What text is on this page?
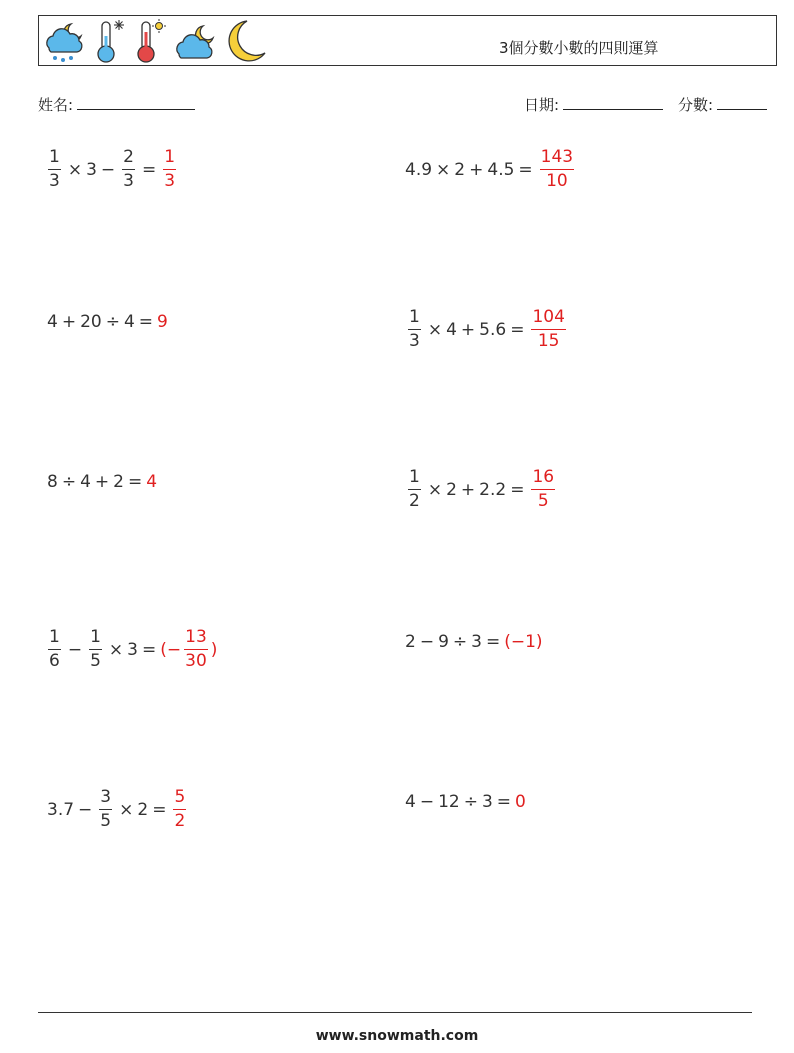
3個分數小數的四則運算
姓名:	日期:	分數:
$\frac{1}{3} \times 3 - \frac{2}{3} = \frac{1}{3}$	$4.9 \times 2 + 4.5 = \frac{143}{10}$
4 + 20 ÷ 4 = 9	$\frac{1}{3} \times 4 + 5.6 = \frac{104}{15}$
8 ÷ 4 + 2 = 4	$\frac{1}{2} \times 2 + 2.2 = \frac{16}{5}$
$\frac{1}{6} - \frac{1}{5} \times 3$ = ( − $\frac{13}{30}$ )	2 − 9 ÷ 3 = (−1)
$3.7 - \frac{3}{5} \times 2 = \frac{5}{2}$	4 − 12 ÷ 3 = 0
www.snowmath.com
